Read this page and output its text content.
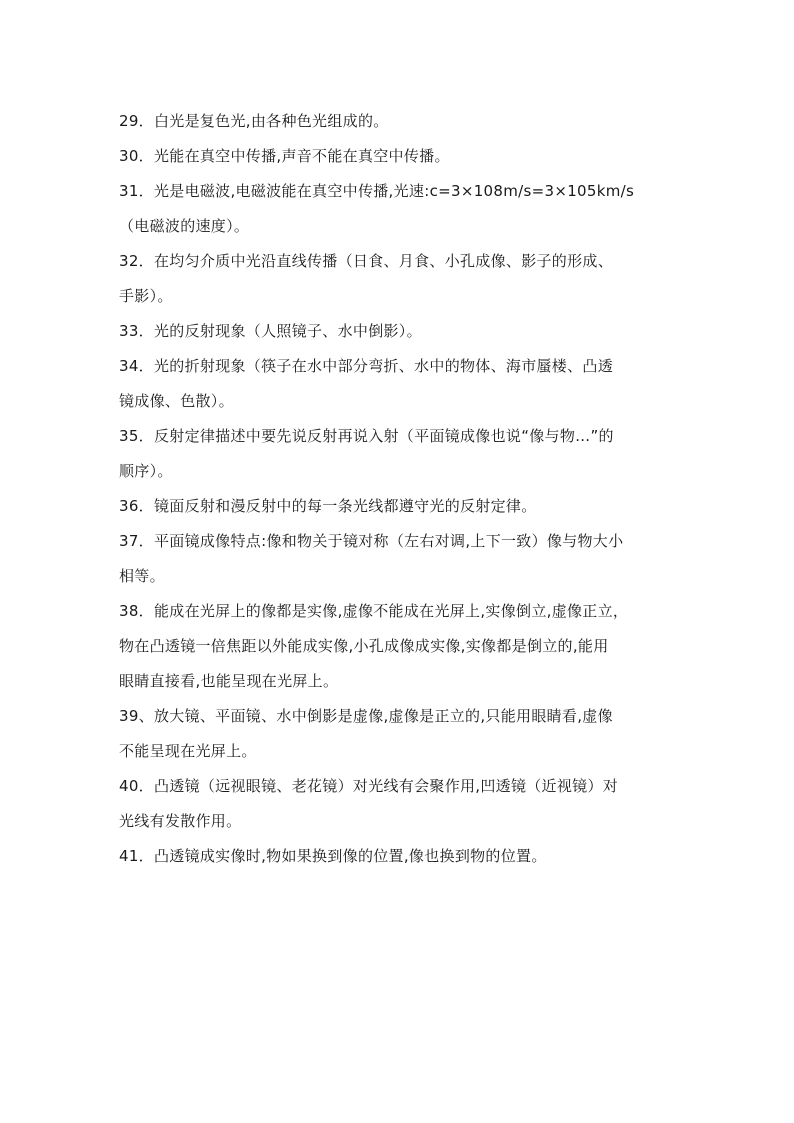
29．白光是复色光,由各种色光组成的。
30．光能在真空中传播,声音不能在真空中传播。
31．光是电磁波,电磁波能在真空中传播,光速:c=3×108m/s=3×105km/s
（电磁波的速度）。
32．在均匀介质中光沿直线传播（日食、月食、小孔成像、影子的形成、
手影）。
33．光的反射现象（人照镜子、水中倒影）。
34．光的折射现象（筷子在水中部分弯折、水中的物体、海市蜃楼、凸透
镜成像、色散）。
35．反射定律描述中要先说反射再说入射（平面镜成像也说“像与物…”的
顺序）。
36．镜面反射和漫反射中的每一条光线都遵守光的反射定律。
37．平面镜成像特点:像和物关于镜对称（左右对调,上下一致）像与物大小
相等。
38．能成在光屏上的像都是实像,虚像不能成在光屏上,实像倒立,虚像正立，
物在凸透镜一倍焦距以外能成实像,小孔成像成实像,实像都是倒立的,能用
眼睛直接看,也能呈现在光屏上。
39、放大镜、平面镜、水中倒影是虚像,虚像是正立的,只能用眼睛看,虚像
不能呈现在光屏上。
40．凸透镜（远视眼镜、老花镜）对光线有会聚作用,凹透镜（近视镜）对
光线有发散作用。
41．凸透镜成实像时,物如果换到像的位置,像也换到物的位置。
